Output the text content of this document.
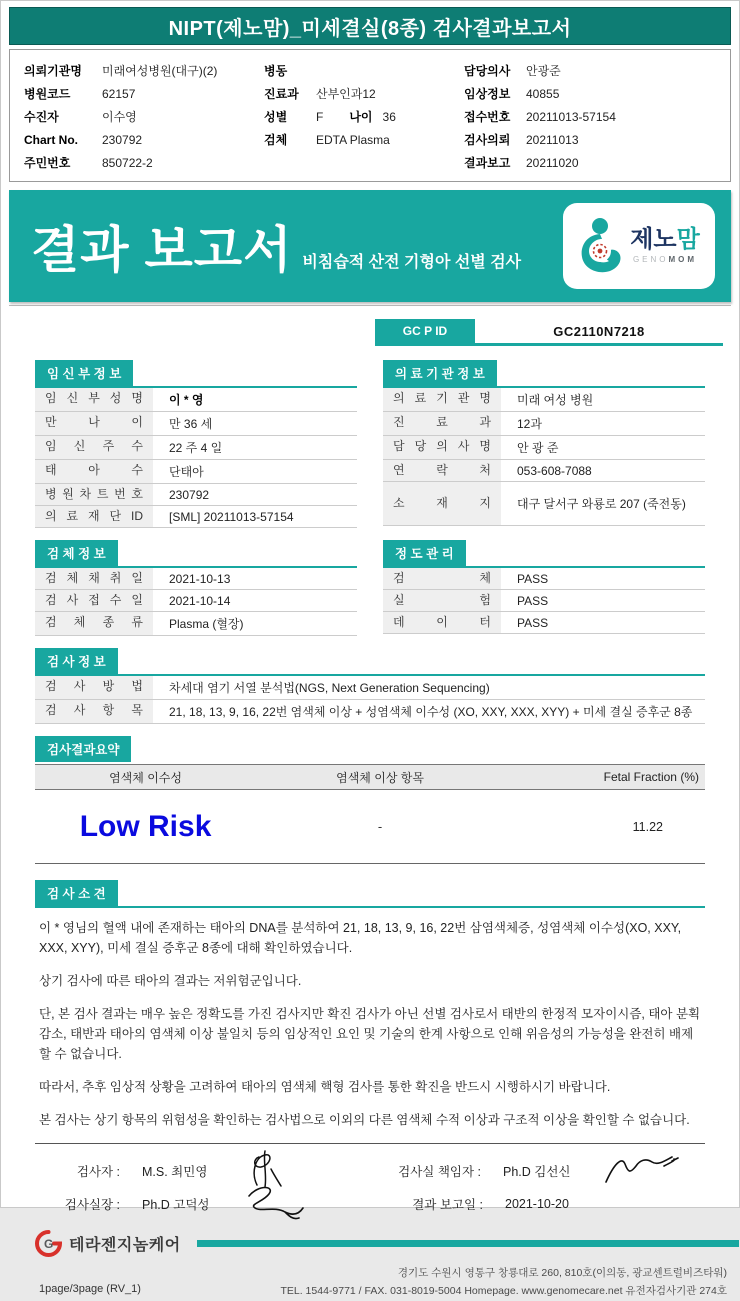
NIPT(제노맘)_미세결실(8종) 검사결과보고서
의뢰기관명	미래여성병원(대구)(2)
병원코드	62157
수진자	이수영
Chart No.	230792
주민번호	850722-2
병동
진료과	산부인과12
성별	F 나이 36
검체	EDTA Plasma
담당의사	안광준
임상정보	40855
접수번호	20211013-57154
검사의뢰	20211013
결과보고	20211020
결과 보고서 비침습적 산전 기형아 선별 검사
제노맘
GENOMOM
GC P ID	GC2110N7218
임 신 부 정 보
임 신 부 성 명	이 * 영
만 나 이	만 36 세
임 신 주 수	22 주 4 일
태 아 수	단태아
병 원 차 트 번 호	230792
의 료 재 단 ID	[SML] 20211013-57154
의 료 기 관 정 보
의 료 기 관 명	미래 여성 병원
진 료 과	12과
담 당 의 사 명	안 광 준
연 락 처	053-608-7088
소 재 지	대구 달서구 와룡로 207 (죽전동)
검 체 정 보
검 체 채 취 일	2021-10-13
검 사 접 수 일	2021-10-14
검 체 종 류	Plasma (혈장)
정 도 관 리
검 체	PASS
실 험	PASS
데 이 터	PASS
검 사 정 보
검 사 방 법	차세대 염기 서열 분석법(NGS, Next Generation Sequencing)
검 사 항 목	21, 18, 13, 9, 16, 22번 염색체 이상 + 성염색체 이수성 (XO, XXY, XXX, XYY) + 미세 결실 증후군 8종
검사결과요약
염색체 이수성	염색체 이상 항목	Fetal Fraction (%)
Low Risk	-	11.22
검 사 소 견

이 * 영님의 혈액 내에 존재하는 태아의 DNA를 분석하여 21, 18, 13, 9, 16, 22번 삼염색체증, 성염색체 이수성(XO, XXY, XXX, XYY), 미세 결실 증후군 8종에 대해 확인하였습니다.

상기 검사에 따른 태아의 결과는 저위험군입니다.

단, 본 검사 결과는 매우 높은 정확도를 가진 검사지만 확진 검사가 아닌 선별 검사로서 태반의 한정적 모자이시즘, 태아 분획 감소, 태반과 태아의 염색체 이상 불일치 등의 임상적인 요인 및 기술의 한계 사항으로 인해 위음성의 가능성을 완전히 배제할 수 없습니다.

따라서, 추후 임상적 상황을 고려하여 태아의 염색체 핵형 검사를 통한 확진을 반드시 시행하시기 바랍니다.

본 검사는 상기 항목의 위험성을 확인하는 검사법으로 이외의 다른 염색체 수적 이상과 구조적 이상을 확인할 수 없습니다.

검사자 : M.S. 최민영	검사실 책임자 : Ph.D 김선신
검사실장 : Ph.D 고덕성	결과 보고일 : 2021-10-20
G 테라젠지놈케어
1page/3page (RV_1)
경기도 수원시 영통구 창룡대로 260, 810호(이의동, 광교센트럴비즈타워)
TEL. 1544-9771 / FAX. 031-8019-5004 Homepage. www.genomecare.net 유전자검사기관 274호
